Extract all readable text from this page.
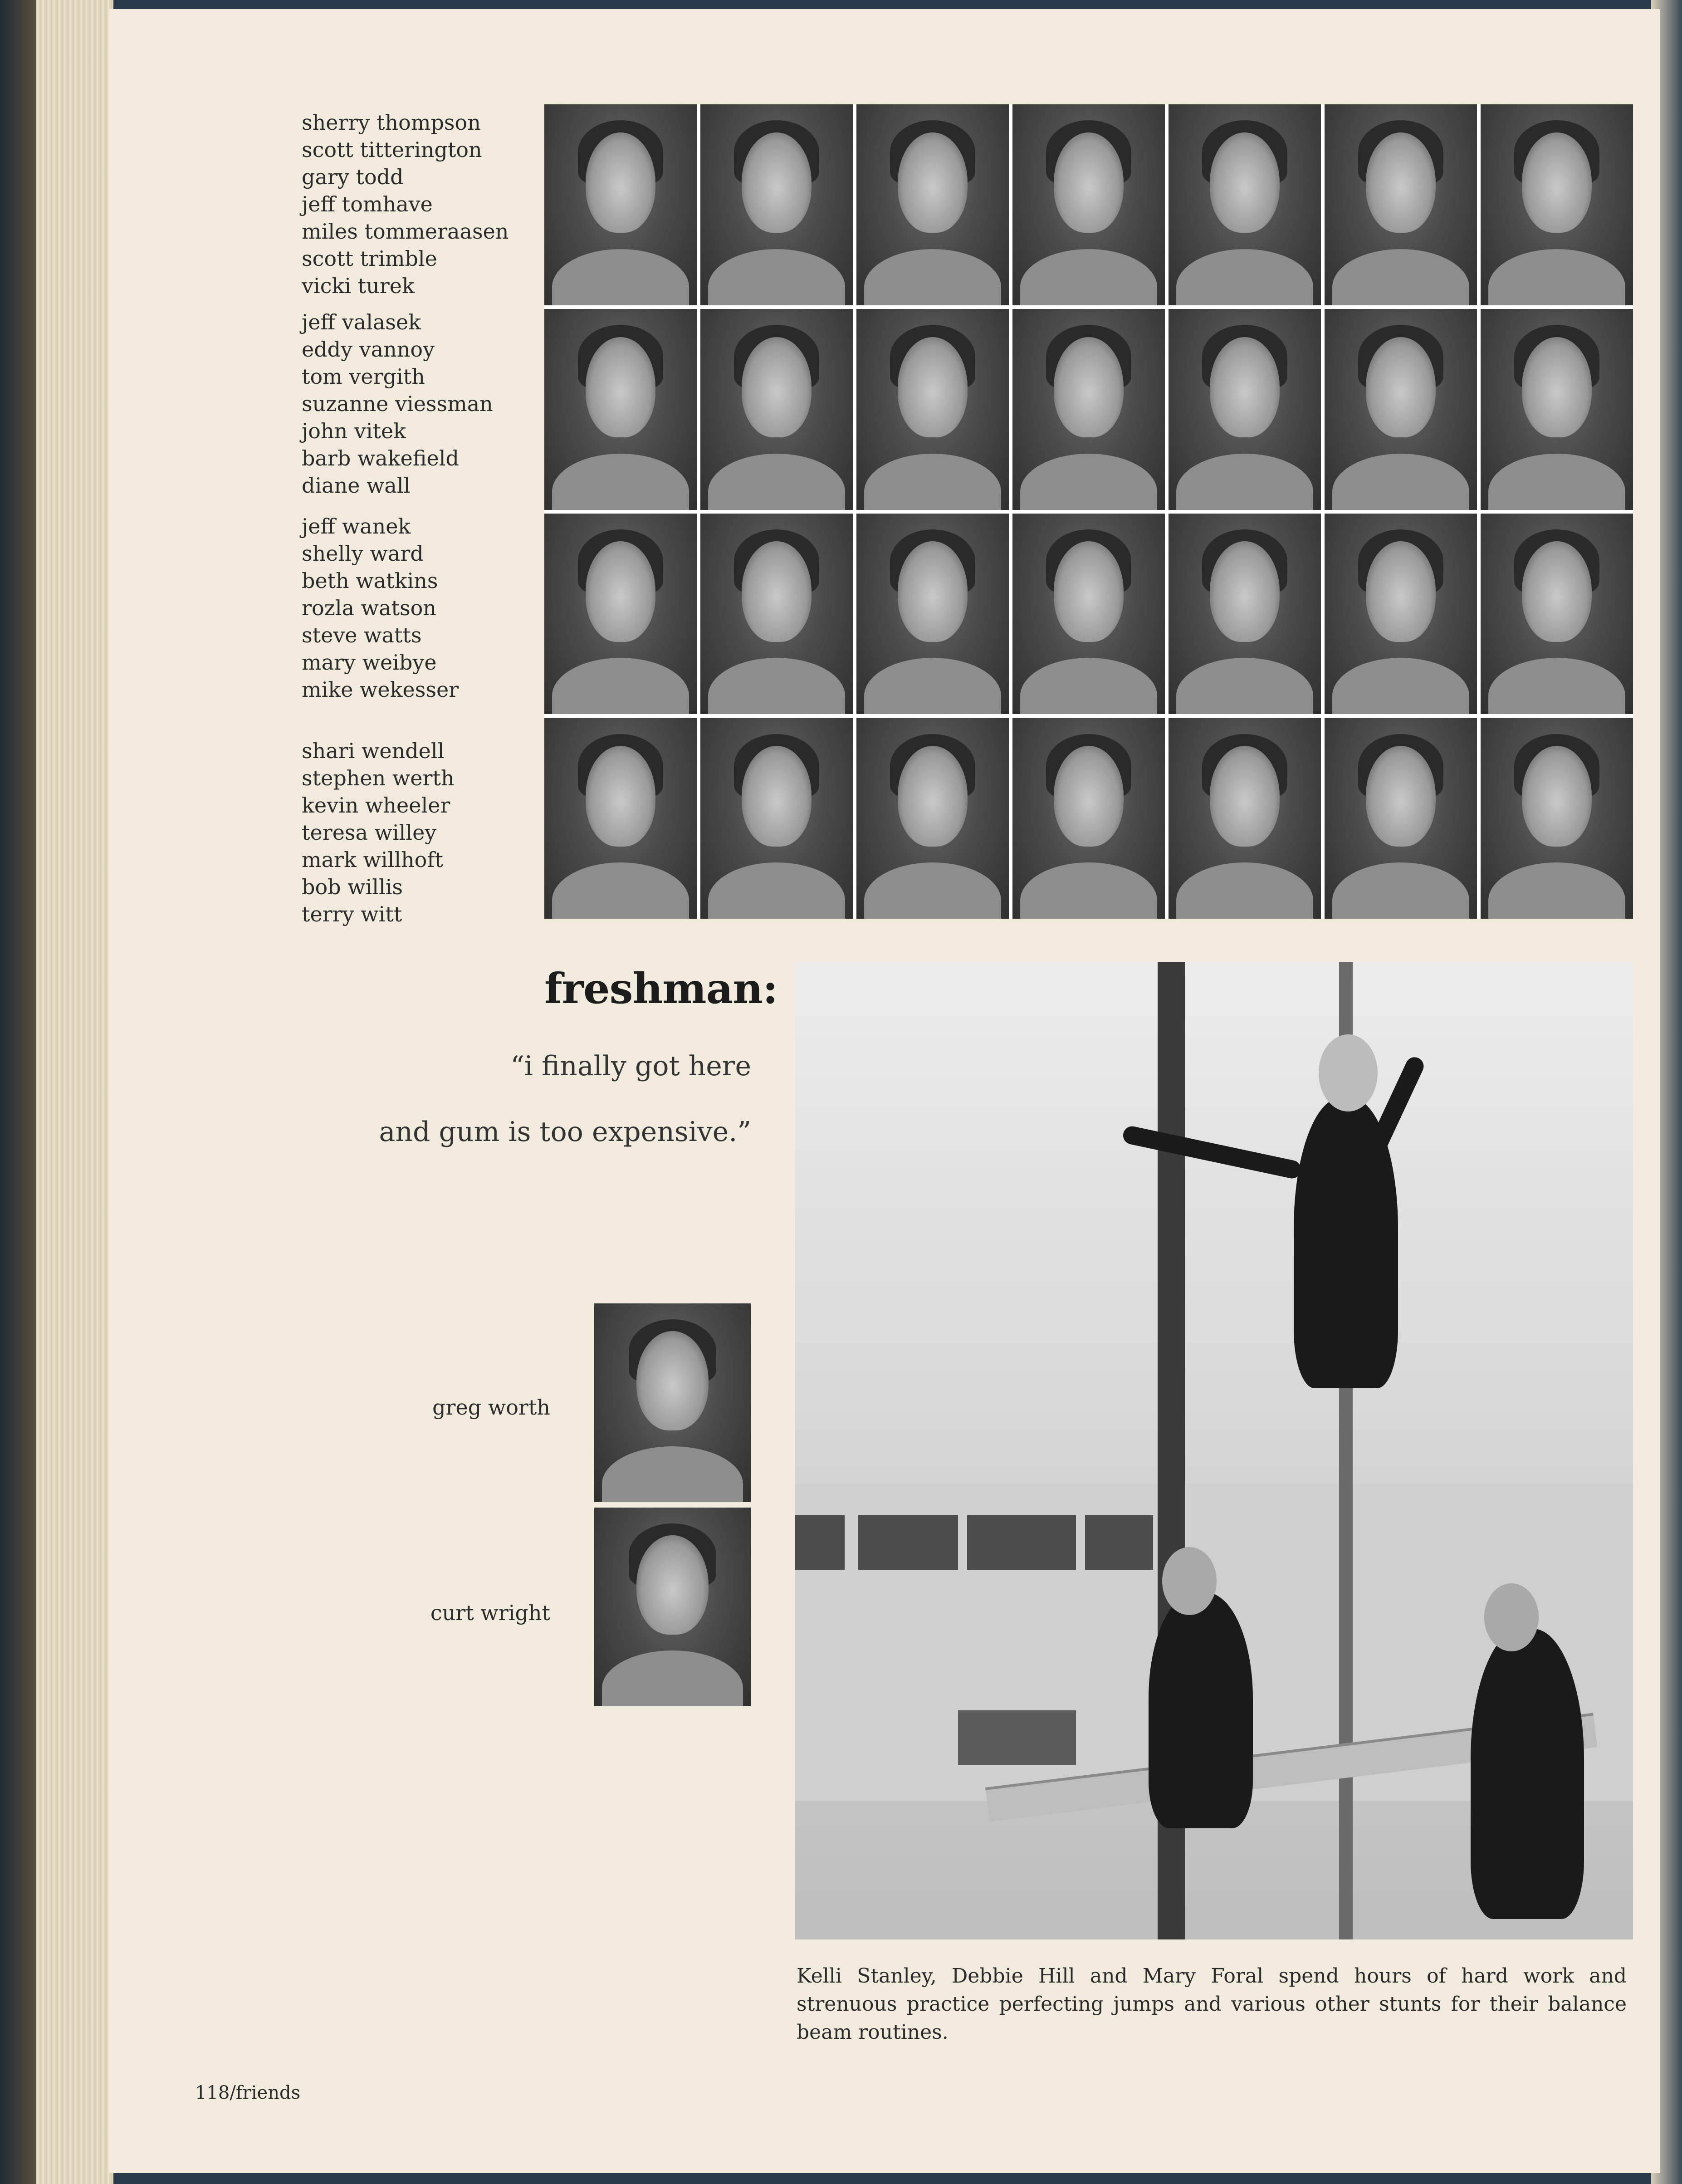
sherry thompson
scott titterington
gary todd
jeff tomhave
miles tommeraasen
scott trimble
vicki turek
jeff valasek
eddy vannoy
tom vergith
suzanne viessman
john vitek
barb wakefield
diane wall
jeff wanek
shelly ward
beth watkins
rozla watson
steve watts
mary weibye
mike wekesser
shari wendell
stephen werth
kevin wheeler
teresa willey
mark willhoft
bob willis
terry witt
freshman:
“i finally got here
and gum is too expensive.”
greg worth
curt wright
Kelli Stanley, Debbie Hill and Mary Foral spend hours of hard work and strenuous practice perfecting jumps and various other stunts for their balance beam routines.
118/friends
